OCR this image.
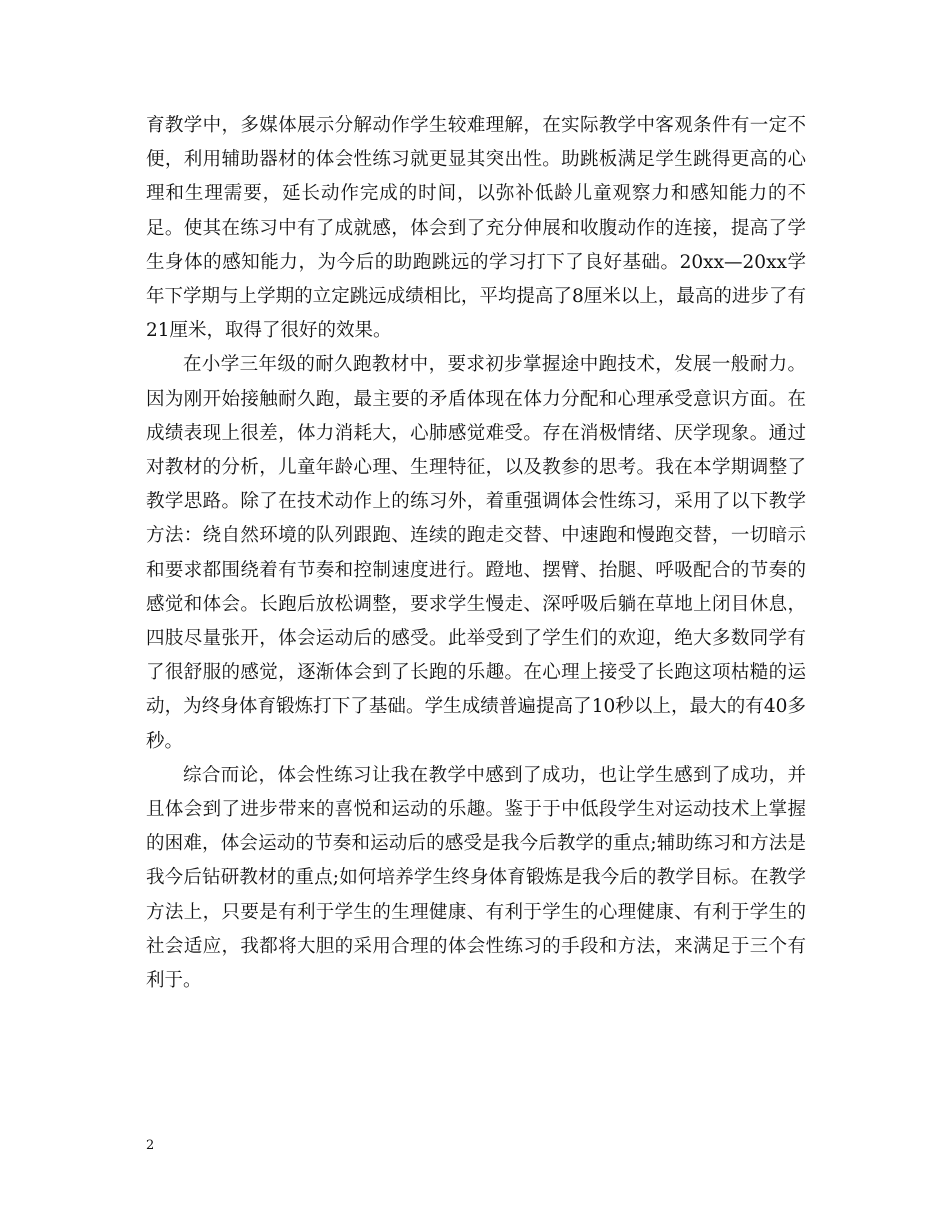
育教学中，多媒体展示分解动作学生较难理解，在实际教学中客观条件有一定不便，利用辅助器材的体会性练习就更显其突出性。助跳板满足学生跳得更高的心理和生理需要，延长动作完成的时间，以弥补低龄儿童观察力和感知能力的不足。使其在练习中有了成就感，体会到了充分伸展和收腹动作的连接，提高了学生身体的感知能力，为今后的助跑跳远的学习打下了良好基础。20xx—20xx学年下学期与上学期的立定跳远成绩相比，平均提高了8厘米以上，最高的进步了有21厘米，取得了很好的效果。

在小学三年级的耐久跑教材中，要求初步掌握途中跑技术，发展一般耐力。因为刚开始接触耐久跑，最主要的矛盾体现在体力分配和心理承受意识方面。在成绩表现上很差，体力消耗大，心肺感觉难受。存在消极情绪、厌学现象。通过对教材的分析，儿童年龄心理、生理特征，以及教参的思考。我在本学期调整了教学思路。除了在技术动作上的练习外，着重强调体会性练习，采用了以下教学方法：绕自然环境的队列跟跑、连续的跑走交替、中速跑和慢跑交替，一切暗示和要求都围绕着有节奏和控制速度进行。蹬地、摆臂、抬腿、呼吸配合的节奏的感觉和体会。长跑后放松调整，要求学生慢走、深呼吸后躺在草地上闭目休息，四肢尽量张开，体会运动后的感受。此举受到了学生们的欢迎，绝大多数同学有了很舒服的感觉，逐渐体会到了长跑的乐趣。在心理上接受了长跑这项枯糙的运动，为终身体育锻炼打下了基础。学生成绩普遍提高了10秒以上，最大的有40多秒。

综合而论，体会性练习让我在教学中感到了成功，也让学生感到了成功，并且体会到了进步带来的喜悦和运动的乐趣。鉴于于中低段学生对运动技术上掌握的困难，体会运动的节奏和运动后的感受是我今后教学的重点;辅助练习和方法是我今后钻研教材的重点;如何培养学生终身体育锻炼是我今后的教学目标。在教学方法上，只要是有利于学生的生理健康、有利于学生的心理健康、有利于学生的社会适应，我都将大胆的采用合理的体会性练习的手段和方法，来满足于三个有利于。

2
